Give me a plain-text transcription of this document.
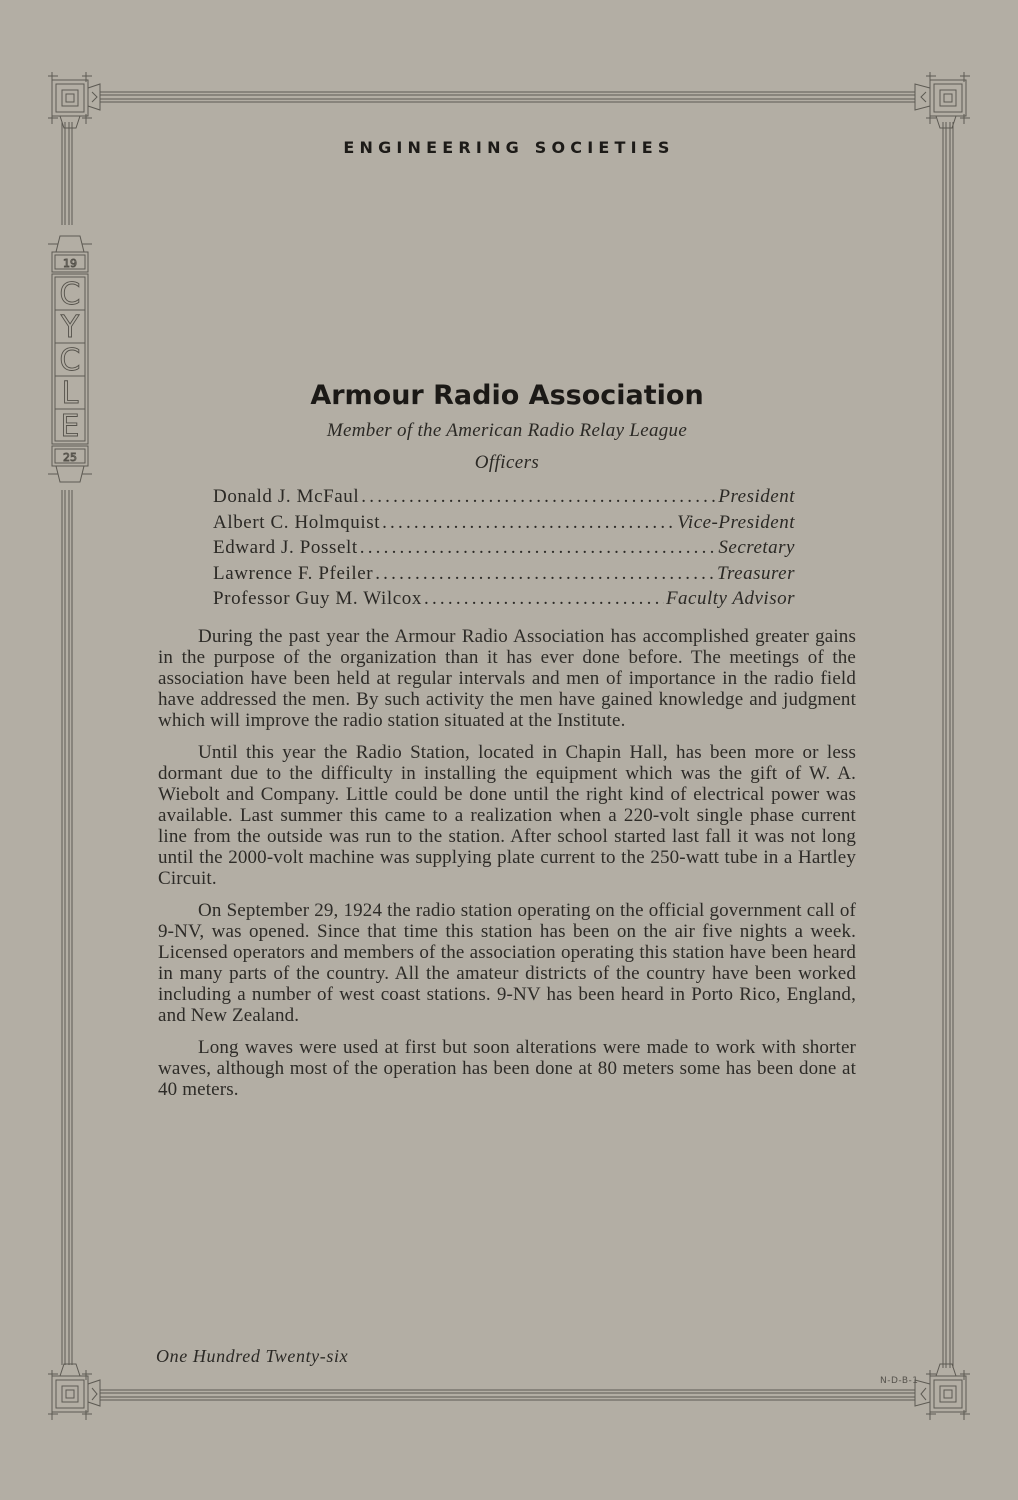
19
C
Y
C
L
E
25
ENGINEERING SOCIETIES
Armour Radio Association
Member of the American Radio Relay League
Officers
Donald J. McFaul .....	President
Albert C. Holmquist .....	Vice-President
Edward J. Posselt .....	Secretary
Lawrence F. Pfeiler .....	Treasurer
Professor Guy M. Wilcox .....	Faculty Advisor

During the past year the Armour Radio Association has accomplished greater gains in the purpose of the organization than it has ever done before. The meetings of the association have been held at regular intervals and men of importance in the radio field have addressed the men. By such activity the men have gained knowledge and judgment which will improve the radio station situated at the Institute.

Until this year the Radio Station, located in Chapin Hall, has been more or less dormant due to the difficulty in installing the equipment which was the gift of W. A. Wiebolt and Company. Little could be done until the right kind of electrical power was available. Last summer this came to a realization when a 220-volt single phase current line from the outside was run to the station. After school started last fall it was not long until the 2000-volt machine was supplying plate current to the 250-watt tube in a Hartley Circuit.

On September 29, 1924 the radio station operating on the official government call of 9-NV, was opened. Since that time this station has been on the air five nights a week. Licensed operators and members of the association operating this station have been heard in many parts of the country. All the amateur districts of the country have been worked including a number of west coast stations. 9-NV has been heard in Porto Rico, England, and New Zealand.

Long waves were used at first but soon alterations were made to work with shorter waves, although most of the operation has been done at 80 meters some has been done at 40 meters.

One Hundred Twenty-six
N-D-B-1
